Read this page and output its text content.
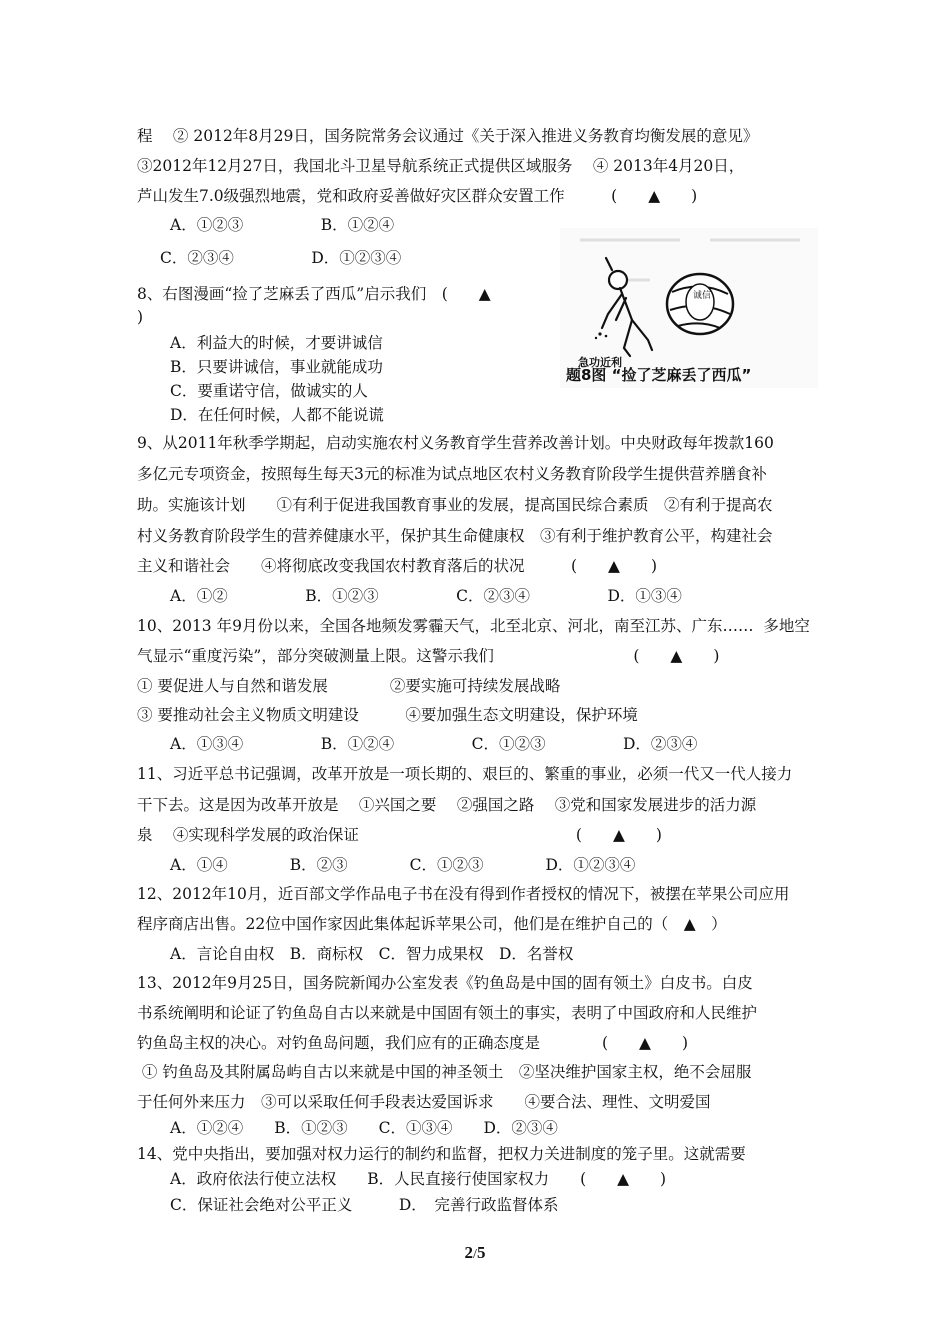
程　 ② 2012年8月29日，国务院常务会议通过《关于深入推进义务教育均衡发展的意见》
③2012年12月27日，我国北斗卫星导航系统正式提供区域服务　 ④ 2013年4月20日，
芦山发生7.0级强烈地震，党和政府妥善做好灾区群众安置工作　　　(　　▲　　)
A．①②③　　　　　B．①②④
C．②③④　　　　　D．①②③④
8、右图漫画“捡了芝麻丢了西瓜”启示我们　(　　▲
)
A．利益大的时候，才要讲诚信
B．只要讲诚信，事业就能成功
C．要重诺守信，做诚实的人
D．在任何时候，人都不能说谎
9、从2011年秋季学期起，启动实施农村义务教育学生营养改善计划。中央财政每年拨款160
多亿元专项资金，按照每生每天3元的标准为试点地区农村义务教育阶段学生提供营养膳食补
助。实施该计划　　①有利于促进我国教育事业的发展，提高国民综合素质　②有利于提高农
村义务教育阶段学生的营养健康水平，保护其生命健康权　③有利于维护教育公平，构建社会
主义和谐社会　　④将彻底改变我国农村教育落后的状况　　　(　　▲　　)
A．①②　　　　　B．①②③　　　　　C．②③④　　　　　D．①③④
10、2013 年9月份以来，全国各地频发雾霾天气，北至北京、河北，南至江苏、广东……  多地空
气显示“重度污染”，部分突破测量上限。这警示我们　　　　　　　　　(　　▲　　)
① 要促进人与自然和谐发展　　　　②要实施可持续发展战略
③ 要推动社会主义物质文明建设　　　④要加强生态文明建设，保护环境
A．①③④　　　　　B．①②④　　　　　C．①②③　　　　　D．②③④
11、习近平总书记强调，改革开放是一项长期的、艰巨的、繁重的事业，必须一代又一代人接力
干下去。这是因为改革开放是　 ①兴国之要　 ②强国之路　 ③党和国家发展进步的活力源
泉　 ④实现科学发展的政治保证　　　　　　　　　　　　　　(　　▲　　)
A．①④　　　　B．②③　　　　C．①②③　　　　D．①②③④
12、2012年10月，近百部文学作品电子书在没有得到作者授权的情况下，被摆在苹果公司应用
程序商店出售。22位中国作家因此集体起诉苹果公司，他们是在维护自己的（　▲　）
A．言论自由权　B．商标权　C．智力成果权　D．名誉权
13、2012年9月25日，国务院新闻办公室发表《钓鱼岛是中国的固有领土》白皮书。白皮
书系统阐明和论证了钓鱼岛自古以来就是中国固有领土的事实，表明了中国政府和人民维护
钓鱼岛主权的决心。对钓鱼岛问题，我们应有的正确态度是　　　　(　　▲　　)
① 钓鱼岛及其附属岛屿自古以来就是中国的神圣领土　②坚决维护国家主权，绝不会屈服
于任何外来压力　③可以采取任何手段表达爱国诉求　　④要合法、理性、文明爱国
A．①②④　　B．①②③　　C．①③④　　D．②③④
14、党中央指出，要加强对权力运行的制约和监督，把权力关进制度的笼子里。这就需要
A．政府依法行使立法权　　B．人民直接行使国家权力　　(　　▲　　)
C．保证社会绝对公平正义　　　D．　完善行政监督体系
诚信
急功近利
题8图 “捡了芝麻丢了西瓜”
2/5
